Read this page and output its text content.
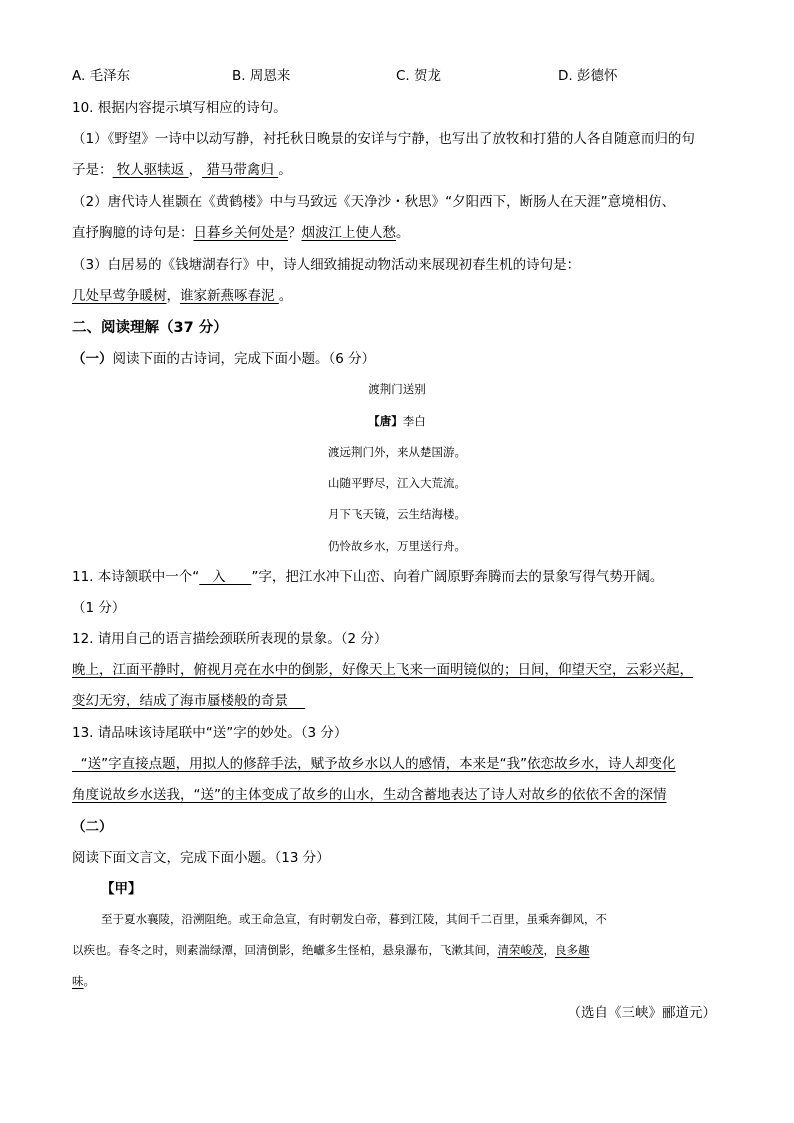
A. 毛泽东	B. 周恩来	C. 贺龙	D. 彭德怀
10. 根据内容提示填写相应的诗句。
（1）《野望》一诗中以动写静，衬托秋日晚景的安详与宁静，也写出了放牧和打猎的人各自随意而归的句
子是： 牧人驱犊返 ， 猎马带禽归 。
（2）唐代诗人崔颢在《黄鹤楼》中与马致远《天净沙・秋思》“夕阳西下，断肠人在天涯”意境相仿、
直抒胸臆的诗句是：日暮乡关何处是？烟波江上使人愁。
（3）白居易的《钱塘湖春行》中，诗人细致捕捉动物活动来展现初春生机的诗句是：
几处早莺争暖树，谁家新燕啄春泥 。
二、阅读理解（37 分）
（一）阅读下面的古诗词，完成下面小题。（6 分）
渡荆门送别
【唐】李白
渡远荆门外，来从楚国游。
山随平野尽，江入大荒流。
月下飞天镜，云生结海楼。
仍怜故乡水，万里送行舟。
11. 本诗颔联中一个“   入      ”字，把江水冲下山峦、向着广阔原野奔腾而去的景象写得气势开阔。
（1 分）
12. 请用自己的语言描绘颈联所表现的景象。（2 分）
晚上，江面平静时，俯视月亮在水中的倒影，好像天上飞来一面明镜似的；日间，仰望天空，云彩兴起，
变幻无穷，结成了海市蜃楼般的奇景
13. 请品味该诗尾联中“送”字的妙处。（3 分）
“送”字直接点题，用拟人的修辞手法，赋予故乡水以人的感情，本来是“我”依恋故乡水，诗人却变化
角度说故乡水送我，“送”的主体变成了故乡的山水，生动含蓄地表达了诗人对故乡的依依不舍的深情
（二）
阅读下面文言文，完成下面小题。（13 分）
【甲】
至于夏水襄陵，沿溯阻绝。或王命急宣，有时朝发白帝，暮到江陵，其间千二百里，虽乘奔御风，不
以疾也。春冬之时，则素湍绿潭，回清倒影，绝巘多生怪柏，悬泉瀑布，飞漱其间，清荣峻茂，良多趣
味。
（选自《三峡》郦道元）
